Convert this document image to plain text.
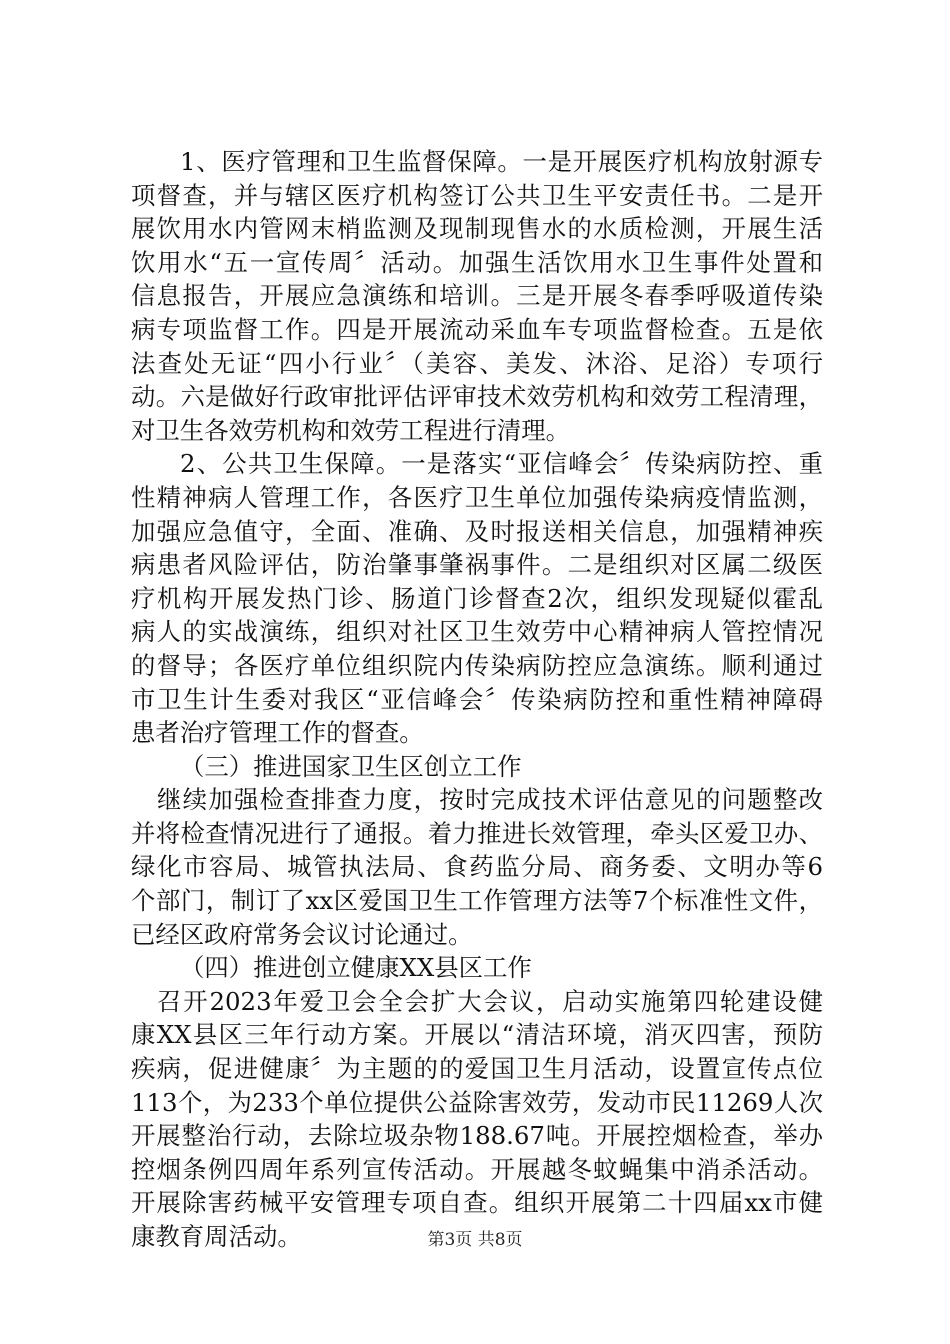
1、医疗管理和卫生监督保障。一是开展医疗机构放射源专
项督查，并与辖区医疗机构签订公共卫生平安责任书。二是开
展饮用水内管网末梢监测及现制现售水的水质检测，开展生活
饮用水“五一宣传周〞活动。加强生活饮用水卫生事件处置和
信息报告，开展应急演练和培训。三是开展冬春季呼吸道传染
病专项监督工作。四是开展流动采血车专项监督检查。五是依
法查处无证“四小行业〞（美容、美发、沐浴、足浴）专项行
动。六是做好行政审批评估评审技术效劳机构和效劳工程清理，
对卫生各效劳机构和效劳工程进行清理。
2、公共卫生保障。一是落实“亚信峰会〞传染病防控、重
性精神病人管理工作，各医疗卫生单位加强传染病疫情监测，
加强应急值守，全面、准确、及时报送相关信息，加强精神疾
病患者风险评估，防治肇事肇祸事件。二是组织对区属二级医
疗机构开展发热门诊、肠道门诊督查2次，组织发现疑似霍乱
病人的实战演练，组织对社区卫生效劳中心精神病人管控情况
的督导；各医疗单位组织院内传染病防控应急演练。顺利通过
市卫生计生委对我区“亚信峰会〞传染病防控和重性精神障碍
患者治疗管理工作的督查。
（三）推进国家卫生区创立工作
继续加强检查排查力度，按时完成技术评估意见的问题整改
并将检查情况进行了通报。着力推进长效管理，牵头区爱卫办、
绿化市容局、城管执法局、食药监分局、商务委、文明办等6
个部门，制订了xx区爱国卫生工作管理方法等7个标准性文件，
已经区政府常务会议讨论通过。
（四）推进创立健康XX县区工作
召开2023年爱卫会全会扩大会议，启动实施第四轮建设健
康XX县区三年行动方案。开展以“清洁环境，消灭四害，预防
疾病，促进健康〞为主题的的爱国卫生月活动，设置宣传点位
113个，为233个单位提供公益除害效劳，发动市民11269人次
开展整治行动，去除垃圾杂物188.67吨。开展控烟检查，举办
控烟条例四周年系列宣传活动。开展越冬蚊蝇集中消杀活动。
开展除害药械平安管理专项自查。组织开展第二十四届xx市健
康教育周活动。	第3页 共8页
